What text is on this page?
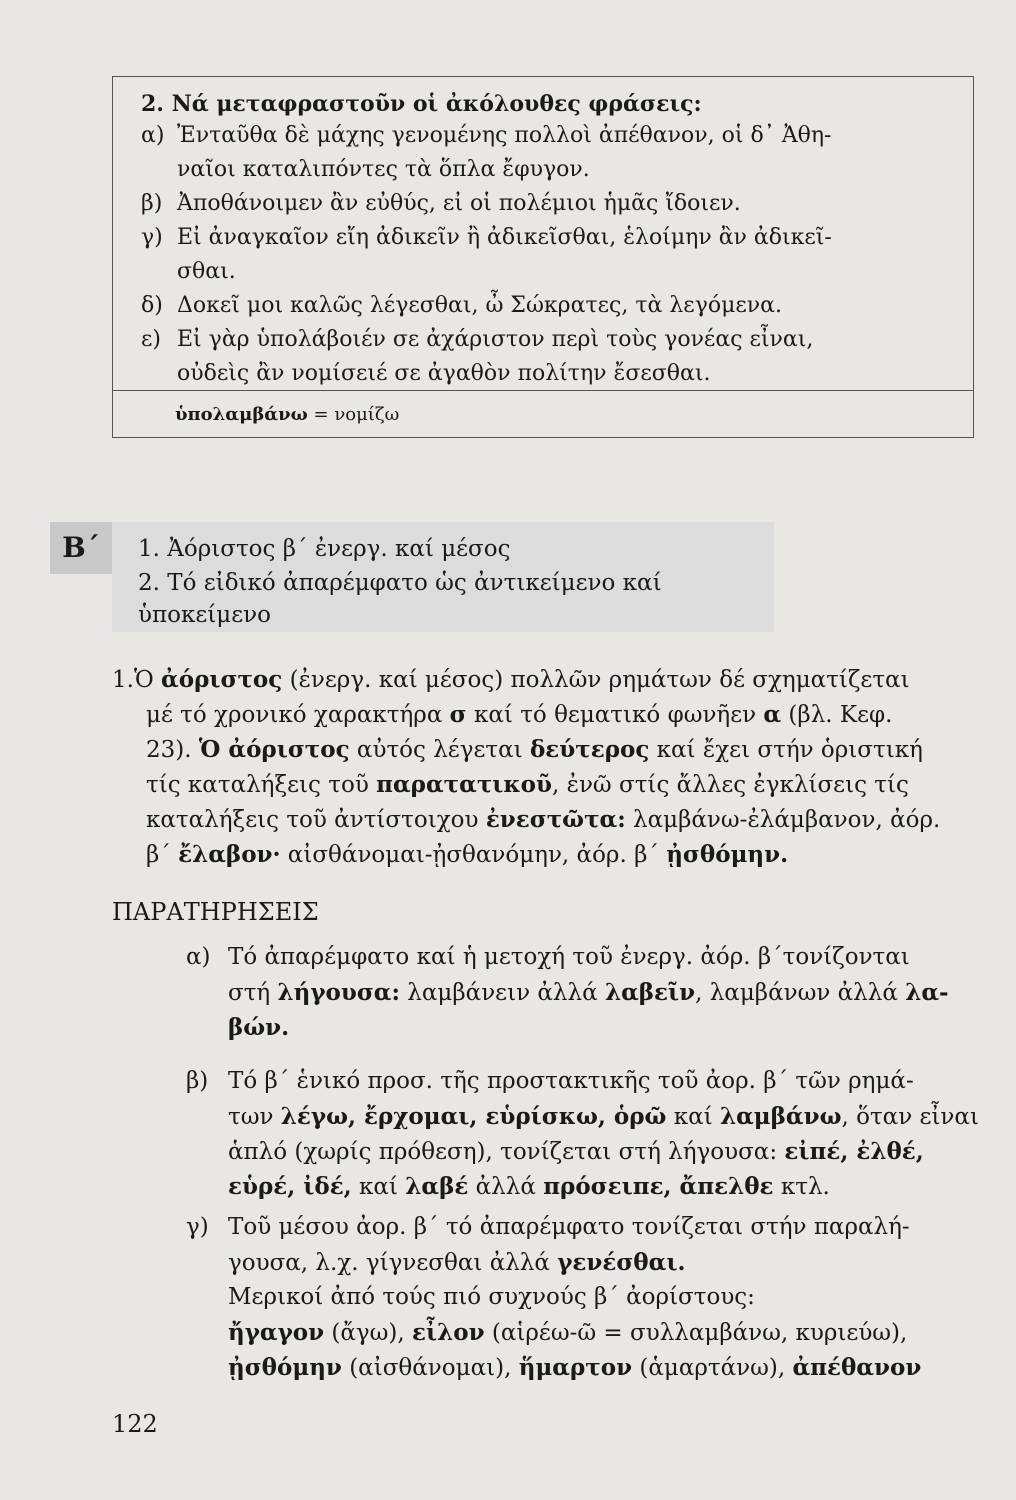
2. Νά μεταφραστοῦν οἱ ἀκόλουθες φράσεις:
α) Ἐνταῦθα δὲ μάχης γενομένης πολλοὶ ἀπέθανον, οἱ δ᾽ Ἀθη-
ναῖοι καταλιπόντες τὰ ὅπλα ἔφυγον.
β) Ἀποθάνοιμεν ἂν εὐθύς, εἰ οἱ πολέμιοι ἡμᾶς ἴδοιεν.
γ) Εἰ ἀναγκαῖον εἴη ἀδικεῖν ἢ ἀδικεῖσθαι, ἑλοίμην ἂν ἀδικεῖ-
σθαι.
δ) Δοκεῖ μοι καλῶς λέγεσθαι, ὦ Σώκρατες, τὰ λεγόμενα.
ε) Εἰ γὰρ ὑπολάβοιέν σε ἀχάριστον περὶ τοὺς γονέας εἶναι,
οὐδεὶς ἂν νομίσειέ σε ἀγαθὸν πολίτην ἔσεσθαι.
ὑπολαμβάνω = νομίζω
Β΄	1. Ἀόριστος β΄ ἐνεργ. καί μέσος
2. Τό εἰδικό ἀπαρέμφατο ὡς ἀντικείμενο καί
ὑποκείμενο
1.Ὁ ἀόριστος (ἐνεργ. καί μέσος) πολλῶν ρημάτων δέ σχηματίζεται
μέ τό χρονικό χαρακτήρα σ καί τό θεματικό φωνῆεν α (βλ. Κεφ.
23). Ὁ ἀόριστος αὐτός λέγεται δεύτερος καί ἔχει στήν ὁριστική
τίς καταλήξεις τοῦ παρατατικοῦ, ἐνῶ στίς ἄλλες ἐγκλίσεις τίς
καταλήξεις τοῦ ἀντίστοιχου ἐνεστῶτα: λαμβάνω-ἐλάμβανον, ἀόρ.
β΄ ἔλαβον· αἰσθάνομαι-ᾐσθανόμην, ἀόρ. β΄ ᾐσθόμην.
ΠΑΡΑΤΗΡΗΣΕΙΣ
α) Τό ἀπαρέμφατο καί ἡ μετοχή τοῦ ἐνεργ. ἀόρ. β΄τονίζονται
στή λήγουσα: λαμβάνειν ἀλλά λαβεῖν, λαμβάνων ἀλλά λα-
βών.
β) Τό β΄ ἑνικό προσ. τῆς προστακτικῆς τοῦ ἀορ. β΄ τῶν ρημά-
των λέγω, ἔρχομαι, εὑρίσκω, ὁρῶ καί λαμβάνω, ὅταν εἶναι
ἁπλό (χωρίς πρόθεση), τονίζεται στή λήγουσα: εἰπέ, ἐλθέ,
εὑρέ, ἰδέ, καί λαβέ ἀλλά πρόσειπε, ἄπελθε κτλ.
γ) Τοῦ μέσου ἀορ. β΄ τό ἀπαρέμφατο τονίζεται στήν παραλή-
γουσα, λ.χ. γίγνεσθαι ἀλλά γενέσθαι.
Μερικοί ἀπό τούς πιό συχνούς β΄ ἀορίστους:
ἤγαγον (ἄγω), εἶλον (αἱρέω-ῶ = συλλαμβάνω, κυριεύω),
ᾐσθόμην (αἰσθάνομαι), ἥμαρτον (ἁμαρτάνω), ἀπέθανον
122
